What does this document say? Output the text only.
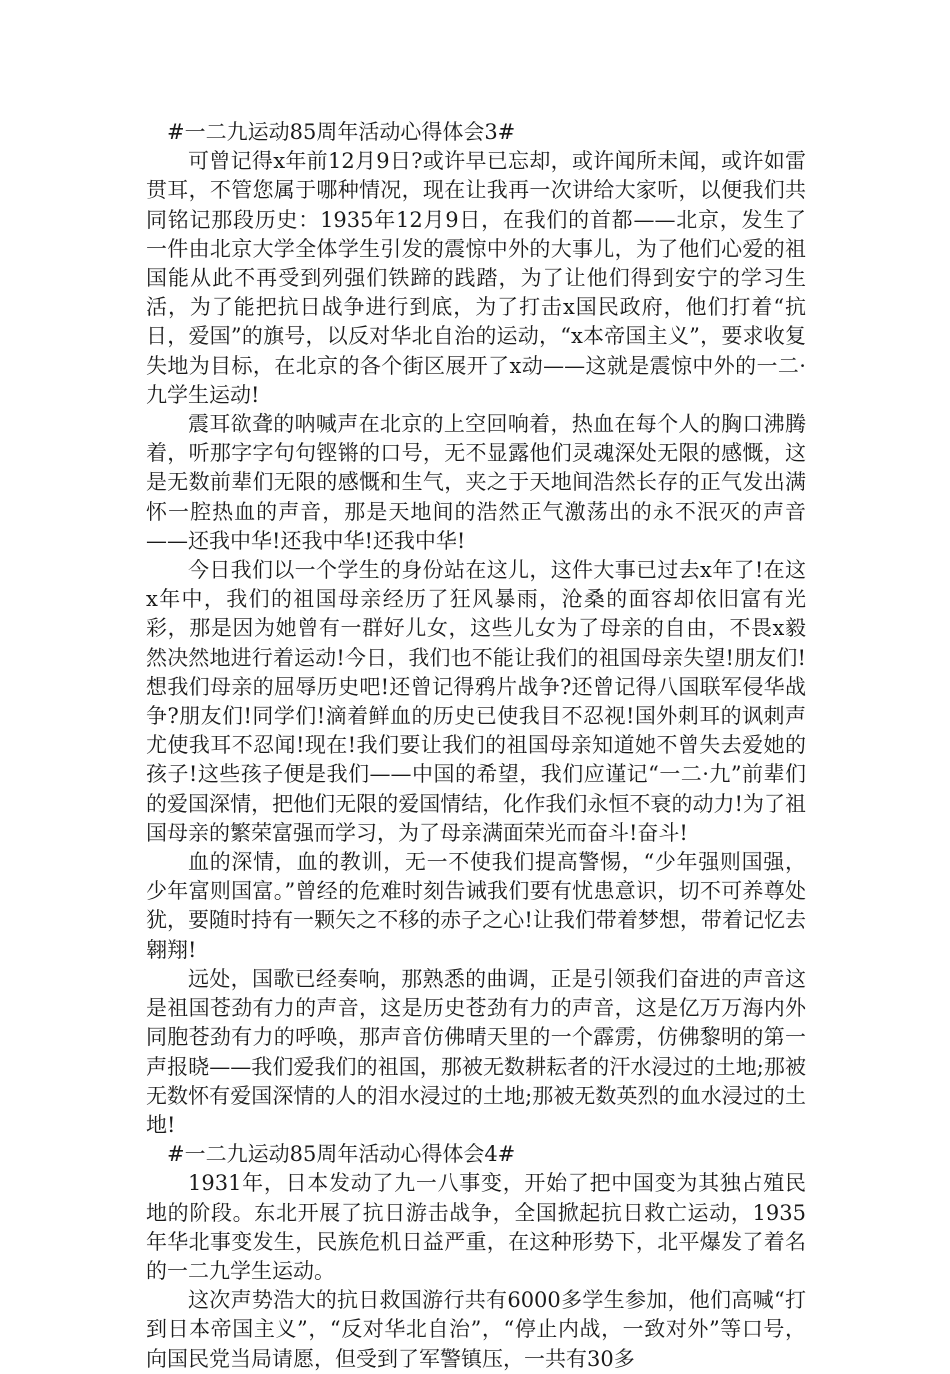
#一二九运动85周年活动心得体会3#

可曾记得x年前12月9日?或许早已忘却，或许闻所未闻，或许如雷贯耳，不管您属于哪种情况，现在让我再一次讲给大家听，以便我们共同铭记那段历史：1935年12月9日，在我们的首都——北京，发生了一件由北京大学全体学生引发的震惊中外的大事儿，为了他们心爱的祖国能从此不再受到列强们铁蹄的践踏，为了让他们得到安宁的学习生活，为了能把抗日战争进行到底，为了打击x国民政府，他们打着“抗日，爱国”的旗号，以反对华北自治的运动，“x本帝国主义”，要求收复失地为目标，在北京的各个街区展开了x动——这就是震惊中外的一二·九学生运动!

震耳欲聋的呐喊声在北京的上空回响着，热血在每个人的胸口沸腾着，听那字字句句铿锵的口号，无不显露他们灵魂深处无限的感慨，这是无数前辈们无限的感慨和生气，夹之于天地间浩然长存的正气发出满怀一腔热血的声音，那是天地间的浩然正气激荡出的永不泯灭的声音——还我中华!还我中华!还我中华!

今日我们以一个学生的身份站在这儿，这件大事已过去x年了!在这x年中，我们的祖国母亲经历了狂风暴雨，沧桑的面容却依旧富有光彩，那是因为她曾有一群好儿女，这些儿女为了母亲的自由，不畏x毅然决然地进行着运动!今日，我们也不能让我们的祖国母亲失望!朋友们!想我们母亲的屈辱历史吧!还曾记得鸦片战争?还曾记得八国联军侵华战争?朋友们!同学们!滴着鲜血的历史已使我目不忍视!国外刺耳的讽刺声尤使我耳不忍闻!现在!我们要让我们的祖国母亲知道她不曾失去爱她的孩子!这些孩子便是我们——中国的希望，我们应谨记“一二·九”前辈们的爱国深情，把他们无限的爱国情结，化作我们永恒不衰的动力!为了祖国母亲的繁荣富强而学习，为了母亲满面荣光而奋斗!奋斗!

血的深情，血的教训，无一不使我们提高警惕，“少年强则国强，少年富则国富。”曾经的危难时刻告诫我们要有忧患意识，切不可养尊处犹，要随时持有一颗矢之不移的赤子之心!让我们带着梦想，带着记忆去翱翔!

远处，国歌已经奏响，那熟悉的曲调，正是引领我们奋进的声音这是祖国苍劲有力的声音，这是历史苍劲有力的声音，这是亿万万海内外同胞苍劲有力的呼唤，那声音仿佛晴天里的一个霹雳，仿佛黎明的第一声报晓——我们爱我们的祖国，那被无数耕耘者的汗水浸过的土地;那被无数怀有爱国深情的人的泪水浸过的土地;那被无数英烈的血水浸过的土地!

#一二九运动85周年活动心得体会4#

1931年，日本发动了九一八事变，开始了把中国变为其独占殖民地的阶段。东北开展了抗日游击战争，全国掀起抗日救亡运动，1935年华北事变发生，民族危机日益严重，在这种形势下，北平爆发了着名的一二九学生运动。

这次声势浩大的抗日救国游行共有6000多学生参加，他们高喊“打到日本帝国主义”，“反对华北自治”，“停止内战，一致对外”等口号，向国民党当局请愿，但受到了军警镇压，一共有30多
